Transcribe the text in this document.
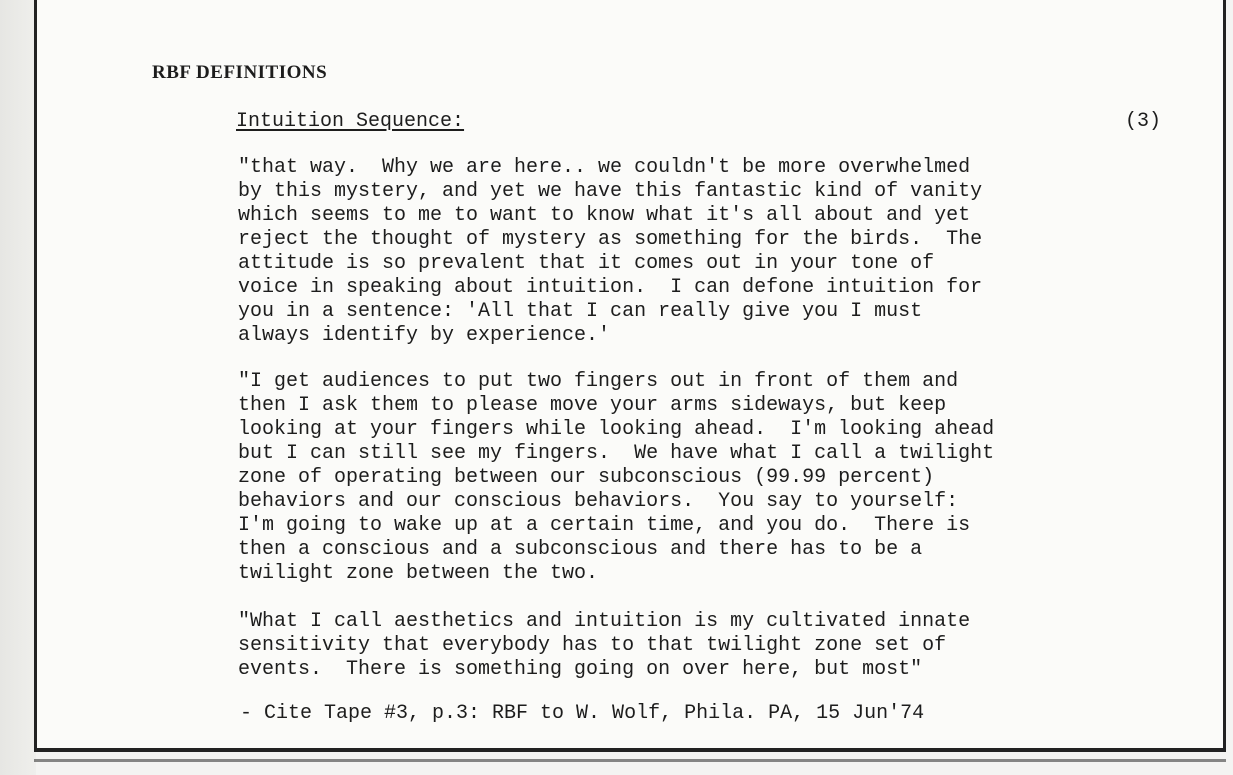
RBF DEFINITIONS
Intuition Sequence:	(3)
"that way.  Why we are here.. we couldn't be more overwhelmed
by this mystery, and yet we have this fantastic kind of vanity
which seems to me to want to know what it's all about and yet
reject the thought of mystery as something for the birds.  The
attitude is so prevalent that it comes out in your tone of
voice in speaking about intuition.  I can defone intuition for
you in a sentence: 'All that I can really give you I must
always identify by experience.'
"I get audiences to put two fingers out in front of them and
then I ask them to please move your arms sideways, but keep
looking at your fingers while looking ahead.  I'm looking ahead
but I can still see my fingers.  We have what I call a twilight
zone of operating between our subconscious (99.99 percent)
behaviors and our conscious behaviors.  You say to yourself:
I'm going to wake up at a certain time, and you do.  There is
then a conscious and a subconscious and there has to be a
twilight zone between the two.
"What I call aesthetics and intuition is my cultivated innate
sensitivity that everybody has to that twilight zone set of
events.  There is something going on over here, but most"
- Cite Tape #3, p.3: RBF to W. Wolf, Phila. PA, 15 Jun'74
